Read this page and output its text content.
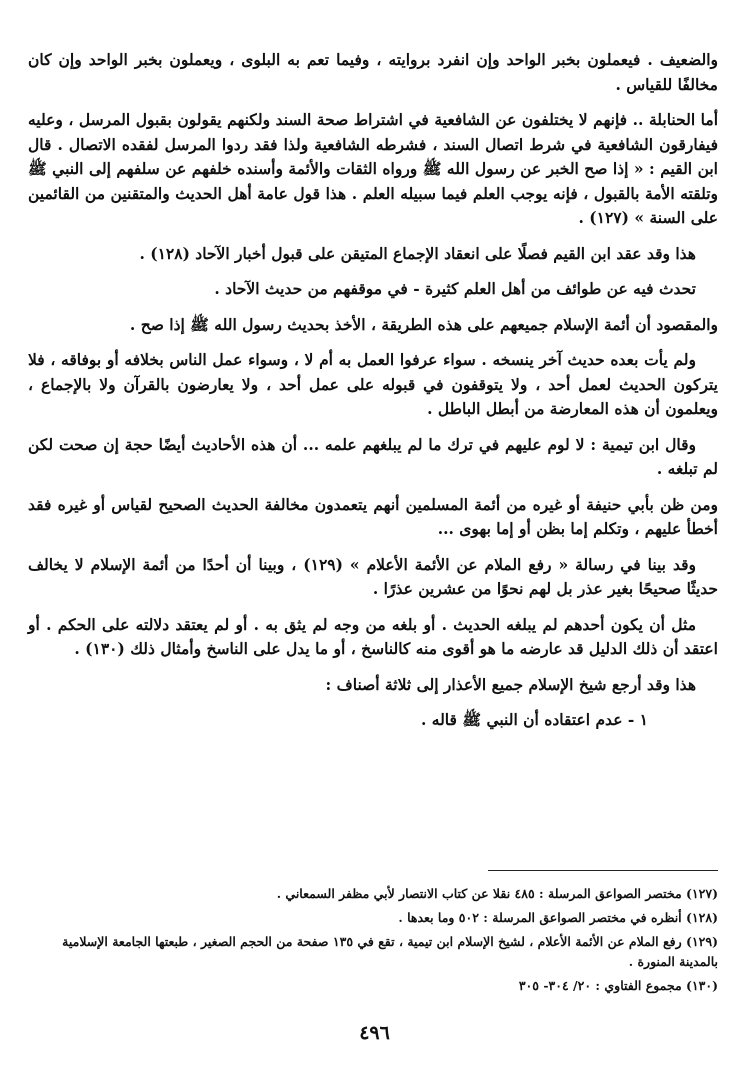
والضعيف . فيعملون بخبر الواحد وإن انفرد بروايته ، وفيما تعم به البلوى ، ويعملون بخبر الواحد وإن كان مخالفًا للقياس .

أما الحنابلة .. فإنهم لا يختلفون عن الشافعية في اشتراط صحة السند ولكنهم يقولون بقبول المرسل ، وعليه فيفارقون الشافعية في شرط اتصال السند ، فشرطه الشافعية ولذا فقد ردوا المرسل لفقده الاتصال . قال ابن القيم : « إذا صح الخبر عن رسول الله ﷺ ورواه الثقات والأئمة وأسنده خلفهم عن سلفهم إلى النبي ﷺ وتلقته الأمة بالقبول ، فإنه يوجب العلم فيما سبيله العلم . هذا قول عامة أهل الحديث والمتقنين من القائمين على السنة » (١٢٧) .

هذا وقد عقد ابن القيم فصلًا على انعقاد الإجماع المتيقن على قبول أخبار الآحاد (١٢٨) .

تحدث فيه عن طوائف من أهل العلم كثيرة - في موقفهم من حديث الآحاد .

والمقصود أن أئمة الإسلام جميعهم على هذه الطريقة ، الأخذ بحديث رسول الله ﷺ إذا صح .

ولم يأت بعده حديث آخر ينسخه . سواء عرفوا العمل به أم لا ، وسواء عمل الناس بخلافه أو بوفاقه ، فلا يتركون الحديث لعمل أحد ، ولا يتوقفون في قبوله على عمل أحد ، ولا يعارضون بالقرآن ولا بالإجماع ، ويعلمون أن هذه المعارضة من أبطل الباطل .

وقال ابن تيمية : لا لوم عليهم في ترك ما لم يبلغهم علمه ... أن هذه الأحاديث أيضًا حجة إن صحت لكن لم تبلغه .

ومن ظن بأبي حنيفة أو غيره من أئمة المسلمين أنهم يتعمدون مخالفة الحديث الصحيح لقياس أو غيره فقد أخطأ عليهم ، وتكلم إما بظن أو إما بهوى ...

وقد بينا في رسالة « رفع الملام عن الأئمة الأعلام » (١٢٩) ، وبينا أن أحدًا من أئمة الإسلام لا يخالف حديثًا صحيحًا بغير عذر بل لهم نحوًا من عشرين عذرًا .

مثل أن يكون أحدهم لم يبلغه الحديث . أو بلغه من وجه لم يثق به . أو لم يعتقد دلالته على الحكم . أو اعتقد أن ذلك الدليل قد عارضه ما هو أقوى منه كالناسخ ، أو ما يدل على الناسخ وأمثال ذلك (١٣٠) .

هذا وقد أرجع شيخ الإسلام جميع الأعذار إلى ثلاثة أصناف :

١ - عدم اعتقاده أن النبي ﷺ قاله .

(١٢٧) مختصر الصواعق المرسلة : ٤٨٥ نقلا عن كتاب الانتصار لأبي مظفر السمعاني .

(١٢٨) أنظره في مختصر الصواعق المرسلة : ٥٠٢ وما بعدها .

(١٢٩) رفع الملام عن الأئمة الأعلام ، لشيخ الإسلام ابن تيمية ، تقع في ١٣٥ صفحة من الحجم الصغير ، طبعتها الجامعة الإسلامية بالمدينة المنورة .

(١٣٠) مجموع الفتاوي : ٢٠/ ٣٠٤- ٣٠٥

٤٩٦
